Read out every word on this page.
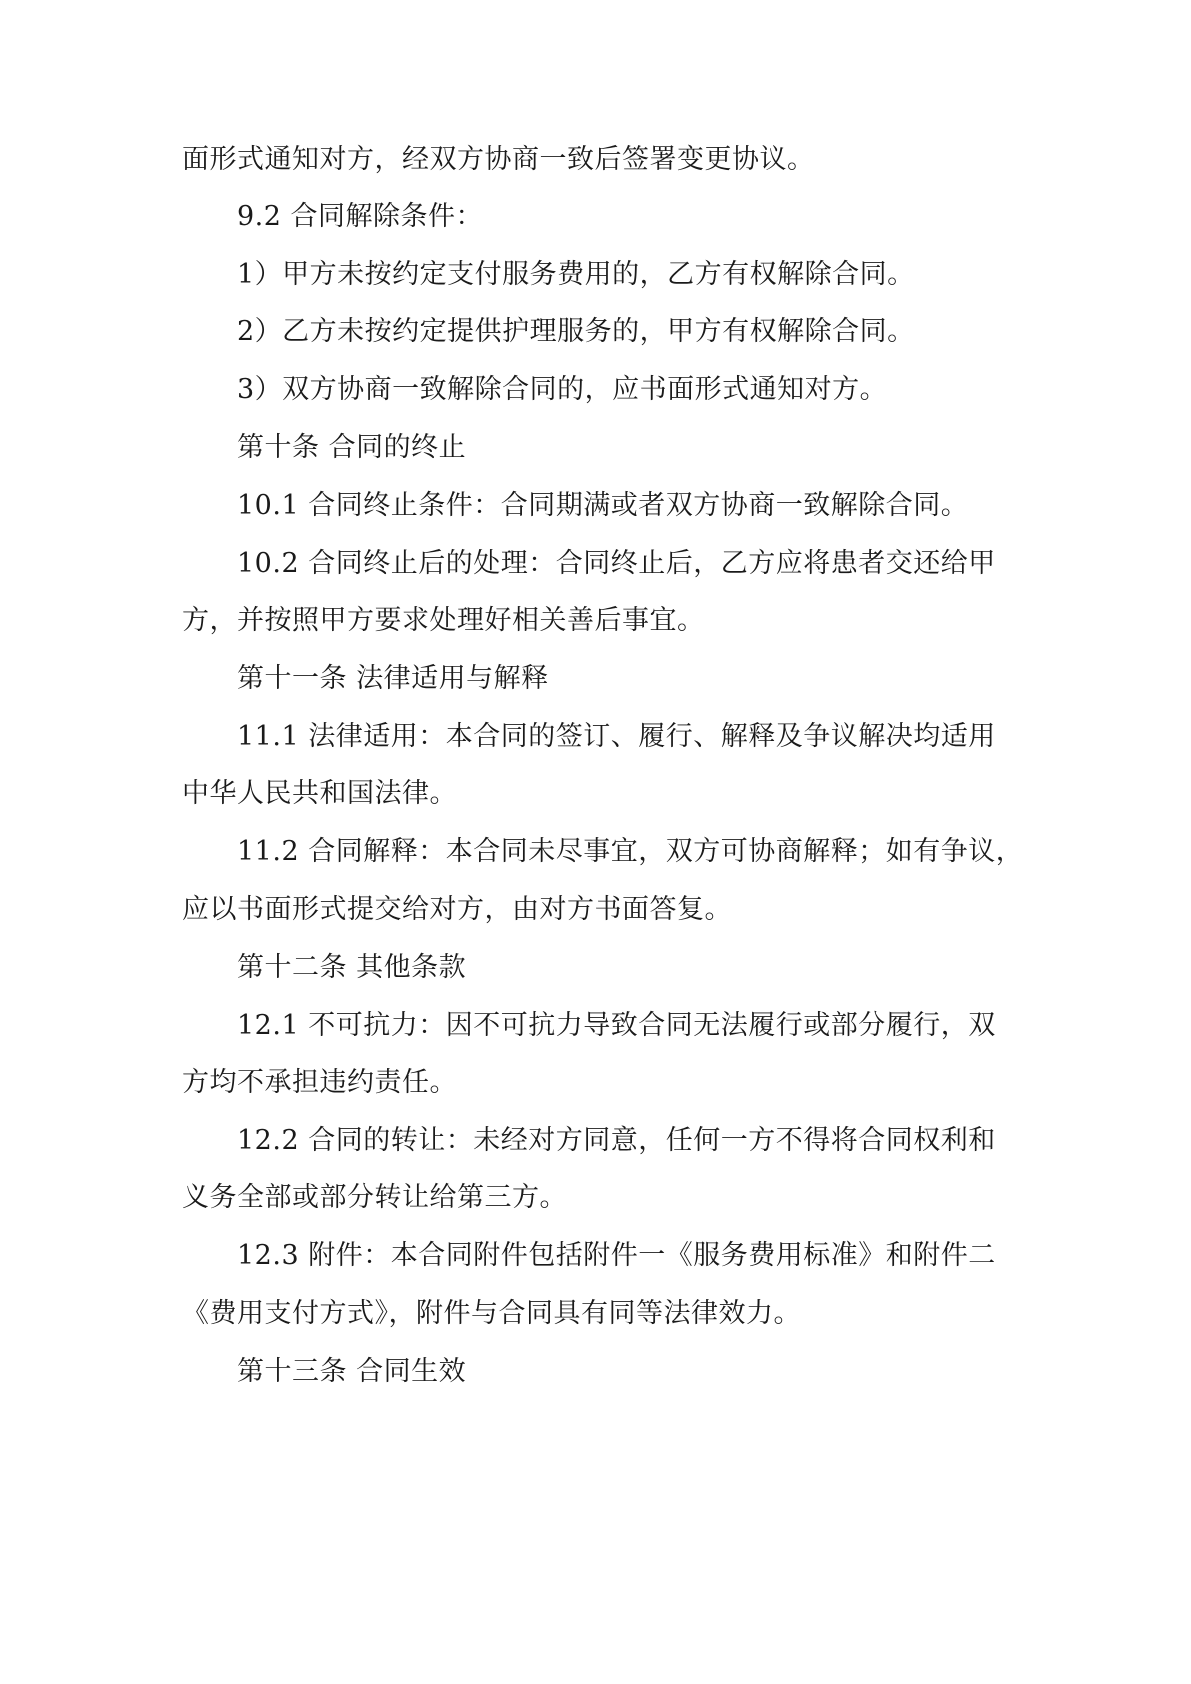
面形式通知对方，经双方协商一致后签署变更协议。
9.2 合同解除条件：
1）甲方未按约定支付服务费用的，乙方有权解除合同。
2）乙方未按约定提供护理服务的，甲方有权解除合同。
3）双方协商一致解除合同的，应书面形式通知对方。
第十条 合同的终止
10.1 合同终止条件：合同期满或者双方协商一致解除合同。
10.2 合同终止后的处理：合同终止后，乙方应将患者交还给甲
方，并按照甲方要求处理好相关善后事宜。
第十一条 法律适用与解释
11.1 法律适用：本合同的签订、履行、解释及争议解决均适用
中华人民共和国法律。
11.2 合同解释：本合同未尽事宜，双方可协商解释；如有争议，
应以书面形式提交给对方，由对方书面答复。
第十二条 其他条款
12.1 不可抗力：因不可抗力导致合同无法履行或部分履行，双
方均不承担违约责任。
12.2 合同的转让：未经对方同意，任何一方不得将合同权利和
义务全部或部分转让给第三方。
12.3 附件：本合同附件包括附件一《服务费用标准》和附件二
《费用支付方式》，附件与合同具有同等法律效力。
第十三条 合同生效
